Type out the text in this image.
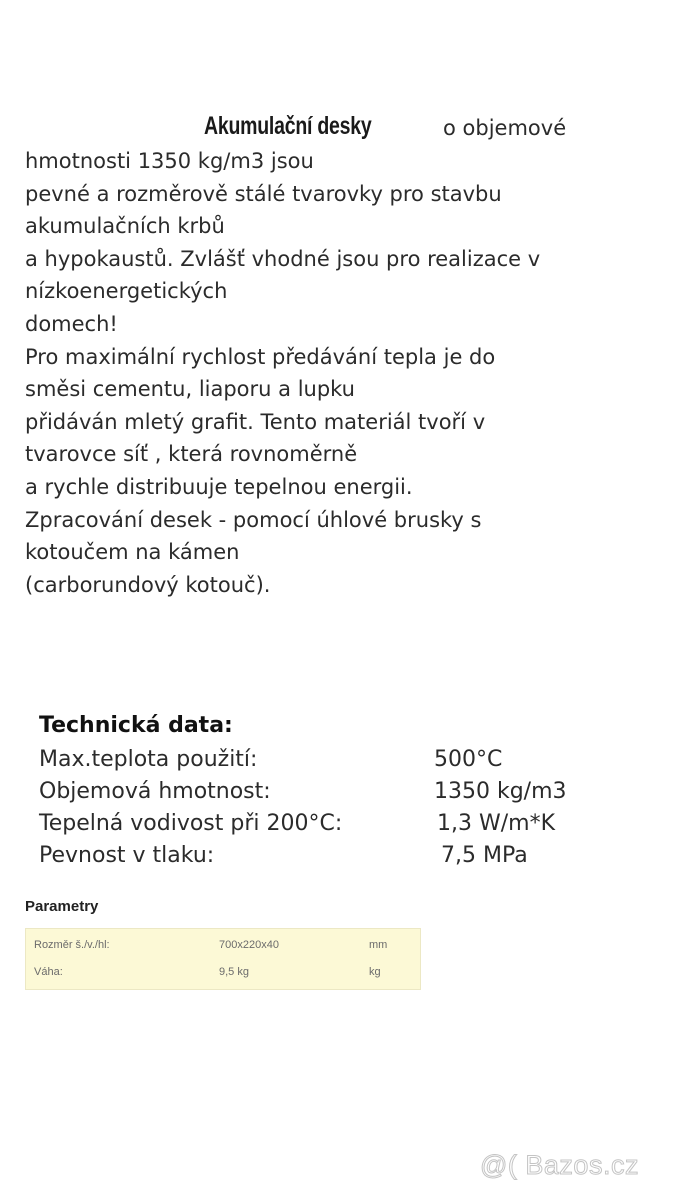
Akumulační desky	o objemové
hmotnosti 1350 kg/m3 jsou
pevné a rozměrově stálé tvarovky pro stavbu
akumulačních krbů
a hypokaustů. Zvlášť vhodné jsou pro realizace v
nízkoenergetických
domech!
Pro maximální rychlost předávání tepla je do
směsi cementu, liaporu a lupku
přidáván mletý grafit. Tento materiál tvoří v
tvarovce síť , která rovnoměrně
a rychle distribuuje tepelnou energii.
Zpracování desek - pomocí úhlové brusky s
kotoučem na kámen
(carborundový kotouč).
Technická data:
Max.teplota použití:	500°C
Objemová hmotnost:	1350 kg/m3
Tepelná vodivost při 200°C:	1,3 W/m*K
Pevnost v tlaku:	7,5 MPa
Parametry
Rozměr š./v./hl:	700x220x40	mm
Váha:	9,5 kg	kg
@( Bazos.cz
